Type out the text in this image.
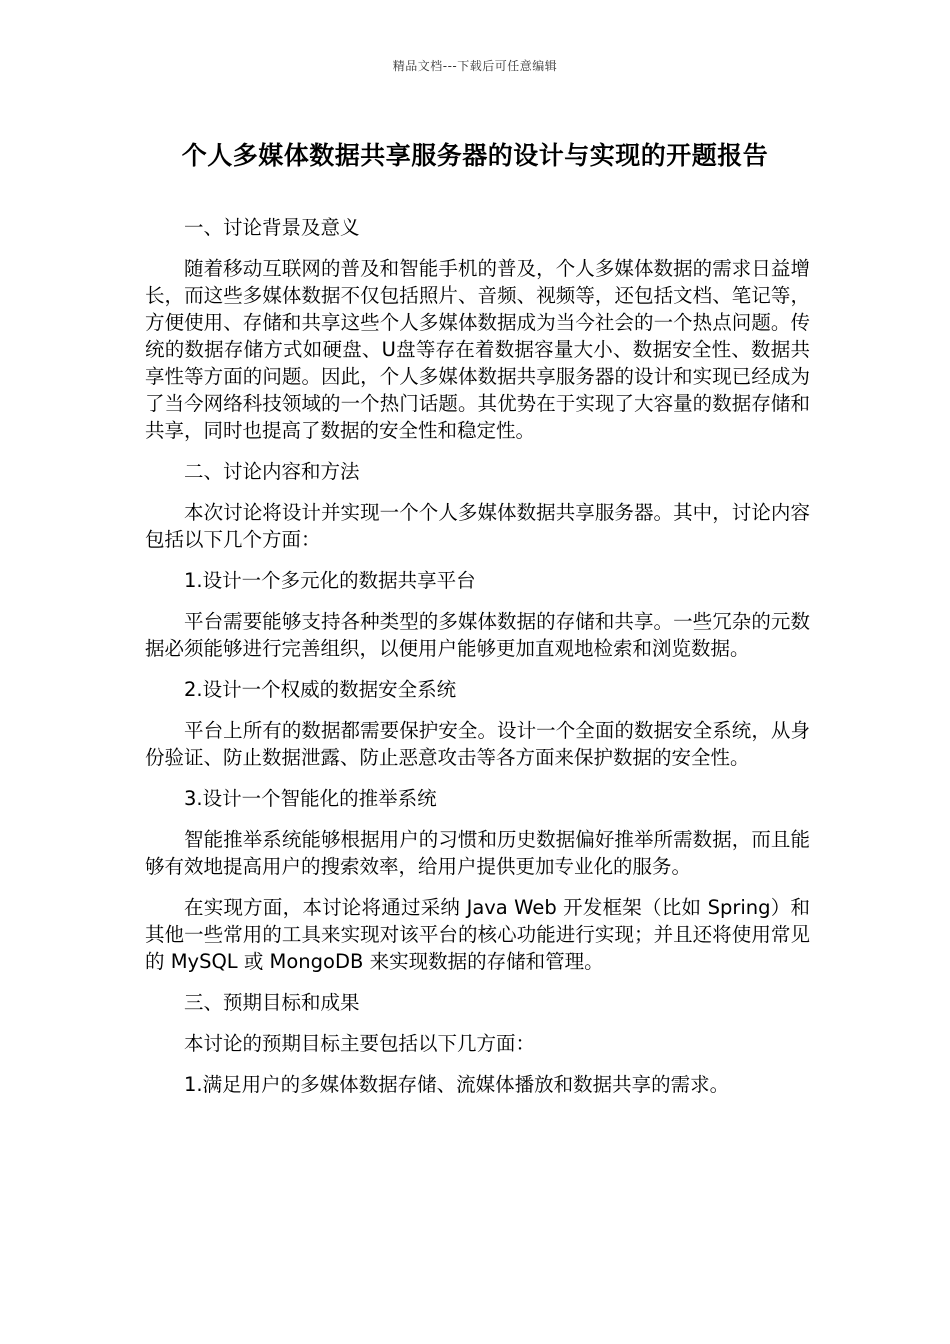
精品文档---下载后可任意编辑
个人多媒体数据共享服务器的设计与实现的开题报告

一、讨论背景及意义

随着移动互联网的普及和智能手机的普及，个人多媒体数据的需求日益增长，而这些多媒体数据不仅包括照片、音频、视频等，还包括文档、笔记等，方便使用、存储和共享这些个人多媒体数据成为当今社会的一个热点问题。传统的数据存储方式如硬盘、U盘等存在着数据容量大小、数据安全性、数据共享性等方面的问题。因此，个人多媒体数据共享服务器的设计和实现已经成为了当今网络科技领域的一个热门话题。其优势在于实现了大容量的数据存储和共享，同时也提高了数据的安全性和稳定性。

二、讨论内容和方法

本次讨论将设计并实现一个个人多媒体数据共享服务器。其中，讨论内容包括以下几个方面：

1.设计一个多元化的数据共享平台

平台需要能够支持各种类型的多媒体数据的存储和共享。一些冗杂的元数据必须能够进行完善组织，以便用户能够更加直观地检索和浏览数据。

2.设计一个权威的数据安全系统

平台上所有的数据都需要保护安全。设计一个全面的数据安全系统，从身份验证、防止数据泄露、防止恶意攻击等各方面来保护数据的安全性。

3.设计一个智能化的推举系统

智能推举系统能够根据用户的习惯和历史数据偏好推举所需数据，而且能够有效地提高用户的搜索效率，给用户提供更加专业化的服务。

在实现方面，本讨论将通过采纳 Java Web 开发框架（比如 Spring）和其他一些常用的工具来实现对该平台的核心功能进行实现；并且还将使用常见的 MySQL 或 MongoDB 来实现数据的存储和管理。

三、预期目标和成果

本讨论的预期目标主要包括以下几方面：

1.满足用户的多媒体数据存储、流媒体播放和数据共享的需求。
